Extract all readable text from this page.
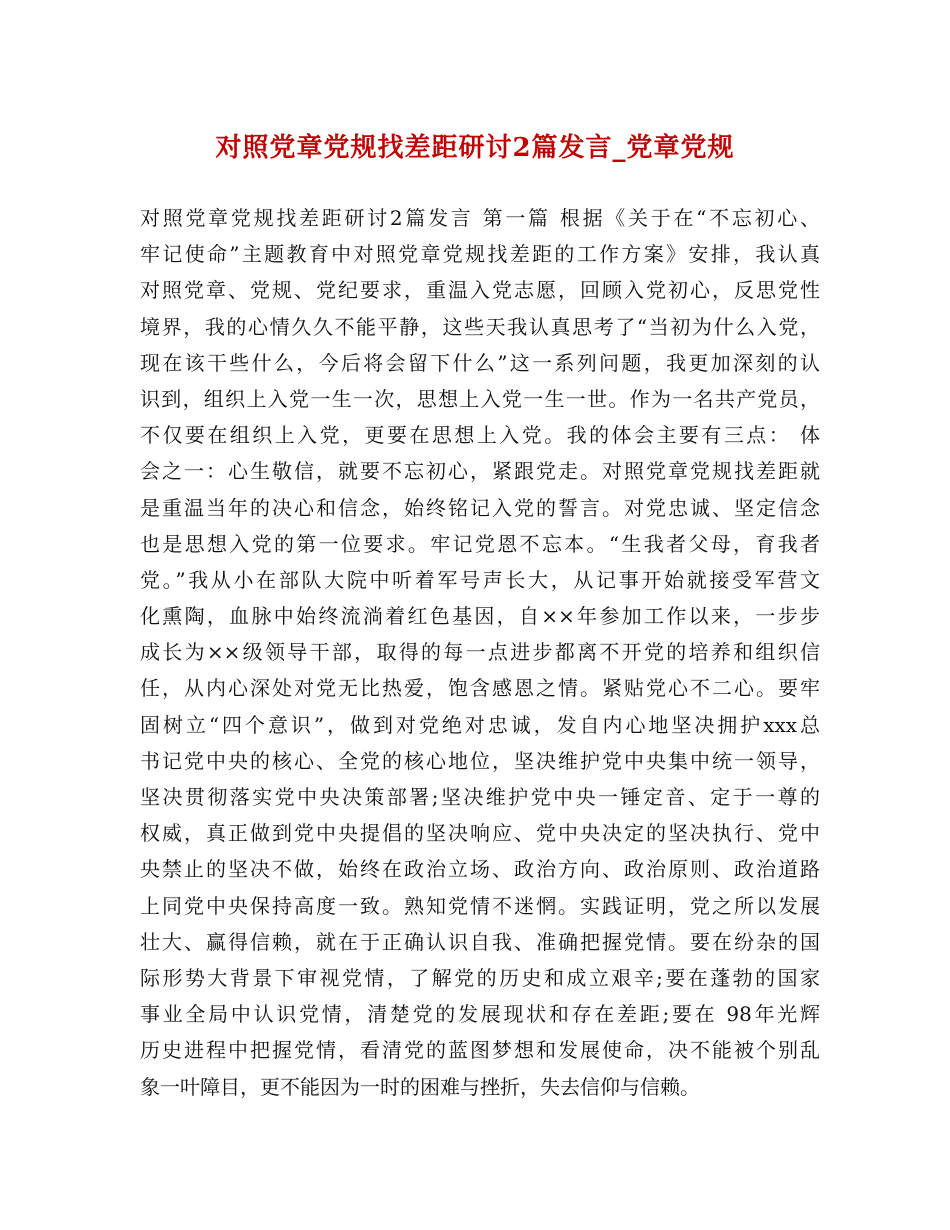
对照党章党规找差距研讨2篇发言_党章党规
对照党章党规找差距研讨2篇发言 第一篇 根据《关于在“不忘初心、
牢记使命”主题教育中对照党章党规找差距的工作方案》安排，我认真
对照党章、党规、党纪要求，重温入党志愿，回顾入党初心，反思党性
境界，我的心情久久不能平静，这些天我认真思考了“当初为什么入党，
现在该干些什么，今后将会留下什么”这一系列问题，我更加深刻的认
识到，组织上入党一生一次，思想上入党一生一世。作为一名共产党员，
不仅要在组织上入党，更要在思想上入党。我的体会主要有三点： 体
会之一：心生敬信，就要不忘初心，紧跟党走。对照党章党规找差距就
是重温当年的决心和信念，始终铭记入党的誓言。对党忠诚、坚定信念
也是思想入党的第一位要求。牢记党恩不忘本。“生我者父母，育我者
党。”我从小在部队大院中听着军号声长大，从记事开始就接受军营文
化熏陶，血脉中始终流淌着红色基因，自××年参加工作以来，一步步
成长为××级领导干部，取得的每一点进步都离不开党的培养和组织信
任，从内心深处对党无比热爱，饱含感恩之情。紧贴党心不二心。要牢
固树立“四个意识”，做到对党绝对忠诚，发自内心地坚决拥护xxx总
书记党中央的核心、全党的核心地位，坚决维护党中央集中统一领导，
坚决贯彻落实党中央决策部署;坚决维护党中央一锤定音、定于一尊的
权威，真正做到党中央提倡的坚决响应、党中央决定的坚决执行、党中
央禁止的坚决不做，始终在政治立场、政治方向、政治原则、政治道路
上同党中央保持高度一致。熟知党情不迷惘。实践证明，党之所以发展
壮大、赢得信赖，就在于正确认识自我、准确把握党情。要在纷杂的国
际形势大背景下审视党情，了解党的历史和成立艰辛;要在蓬勃的国家
事业全局中认识党情，清楚党的发展现状和存在差距;要在 98年光辉
历史进程中把握党情，看清党的蓝图梦想和发展使命，决不能被个别乱
象一叶障目，更不能因为一时的困难与挫折，失去信仰与信赖。
